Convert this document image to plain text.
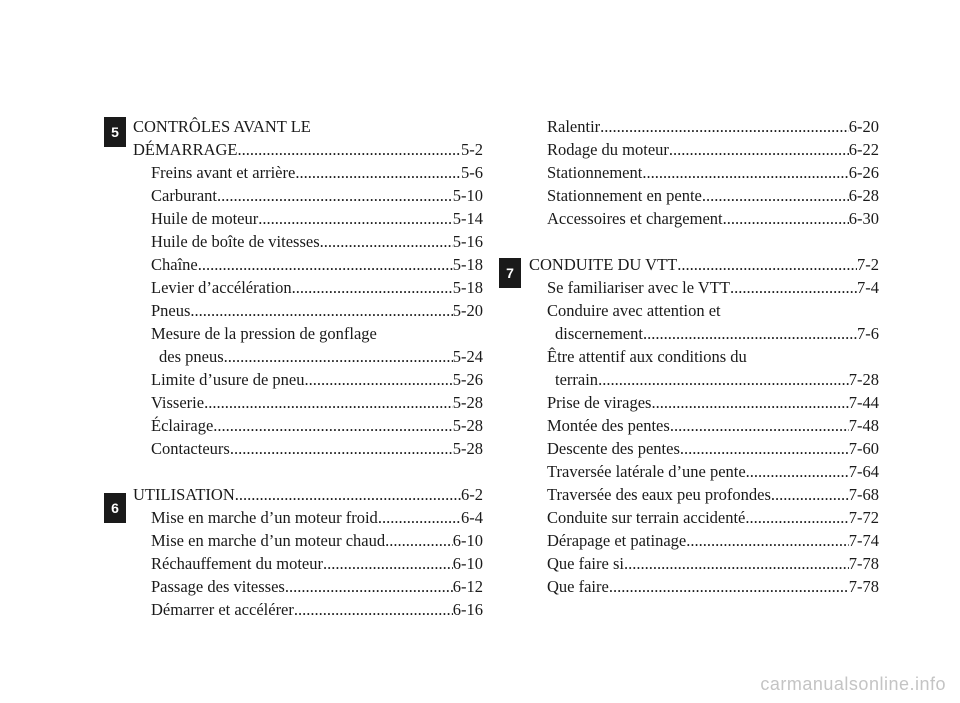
5
6
7
CONTRÔLES AVANT LE
DÉMARRAGE .....	5-2
Freins avant et arrière .....	5-6
Carburant .....	5-10
Huile de moteur .....	5-14
Huile de boîte de vitesses .....	5-16
Chaîne .....	5-18
Levier d’accélération .....	5-18
Pneus .....	5-20
Mesure de la pression de gonflage
des pneus .....	5-24
Limite d’usure de pneu .....	5-26
Visserie .....	5-28
Éclairage .....	5-28
Contacteurs .....	5-28
UTILISATION .....	6-2
Mise en marche d’un moteur froid .....	6-4
Mise en marche d’un moteur chaud .....	6-10
Réchauffement du moteur .....	6-10
Passage des vitesses .....	6-12
Démarrer et accélérer .....	6-16
Ralentir .....	6-20
Rodage du moteur .....	6-22
Stationnement .....	6-26
Stationnement en pente .....	6-28
Accessoires et chargement .....	6-30
CONDUITE DU VTT .....	7-2
Se familiariser avec le VTT .....	7-4
Conduire avec attention et
discernement .....	7-6
Être attentif aux conditions du
terrain .....	7-28
Prise de virages .....	7-44
Montée des pentes .....	7-48
Descente des pentes .....	7-60
Traversée latérale d’une pente .....	7-64
Traversée des eaux peu profondes .....	7-68
Conduite sur terrain accidenté .....	7-72
Dérapage et patinage .....	7-74
Que faire si .....	7-78
Que faire .....	7-78
carmanualsonline.info
